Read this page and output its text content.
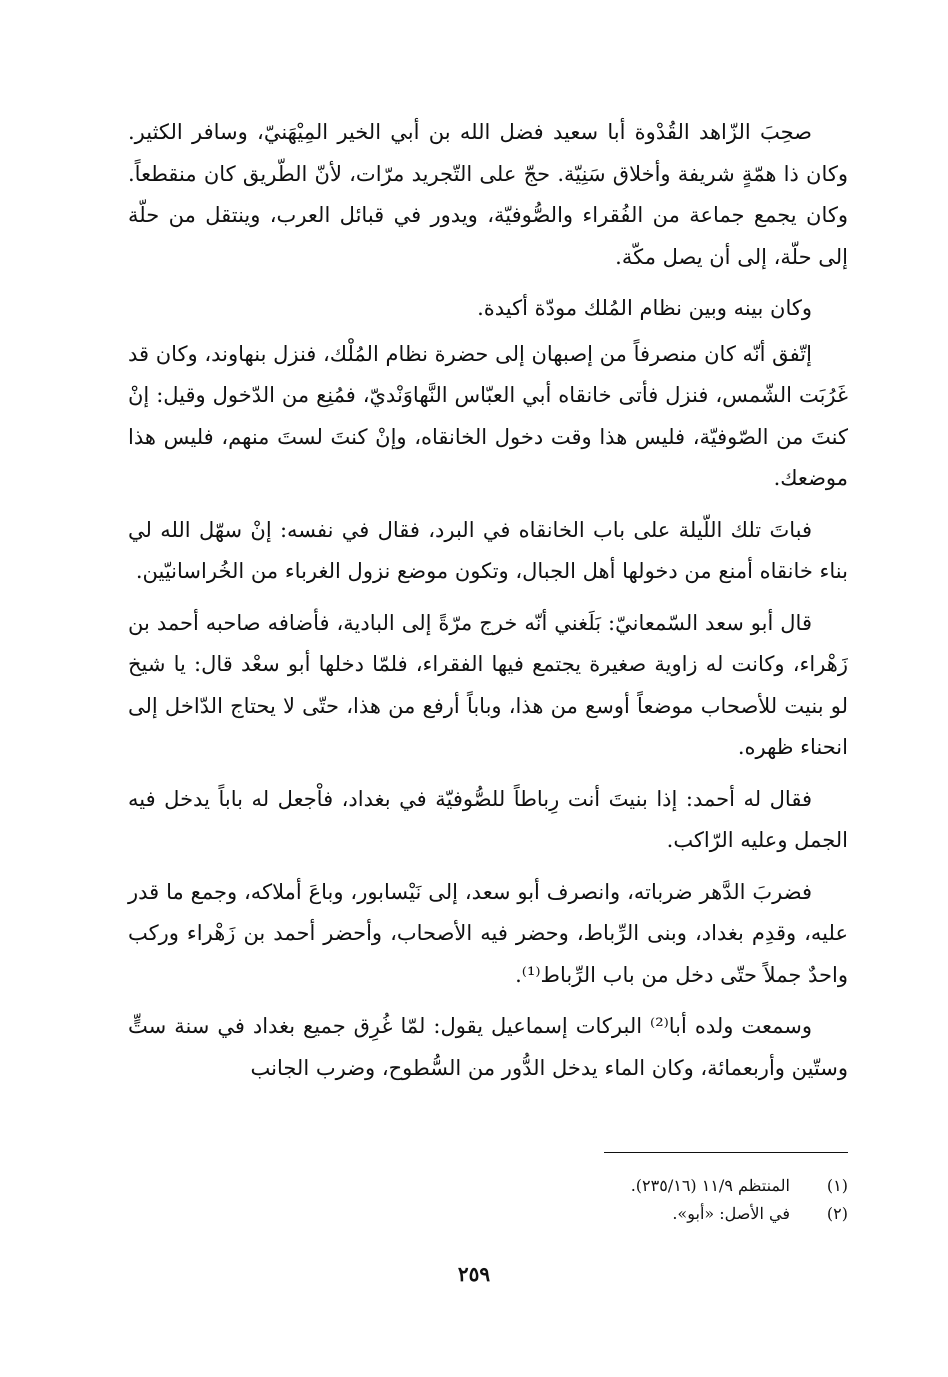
صحِبَ الزّاهد القُدْوة أبا سعيد فضل الله بن أبي الخير المِيْهَنيّ، وسافر الكثير. وكان ذا همّةٍ شريفة وأخلاق سَنِيّة. حجّ على التّجريد مرّات، لأنّ الطّريق كان منقطعاً. وكان يجمع جماعة من الفُقراء والصُّوفيّة، ويدور في قبائل العرب، وينتقل من حلّة إلى حلّة، إلى أن يصل مكّة.

وكان بينه وبين نظام المُلك مودّة أكيدة.

إتّفق أنّه كان منصرفاً من إصبهان إلى حضرة نظام المُلْك، فنزل بنهاوند، وكان قد غَرُبَت الشّمس، فنزل فأتى خانقاه أبي العبّاس النَّهاوَنْديّ، فمُنِع من الدّخول وقيل: إنْ كنتَ من الصّوفيّة، فليس هذا وقت دخول الخانقاه، وإنْ كنتَ لستَ منهم، فليس هذا موضعك.

فباتَ تلك اللّيلة على باب الخانقاه في البرد، فقال في نفسه: إنْ سهّل الله لي بناء خانقاه أمنع من دخولها أهل الجبال، وتكون موضع نزول الغرباء من الخُراسانيّين.

قال أبو سعد السّمعانيّ: بَلَغني أنّه خرج مرّةً إلى البادية، فأضافه صاحبه أحمد بن زَهْراء، وكانت له زاوية صغيرة يجتمع فيها الفقراء، فلمّا دخلها أبو سعْد قال: يا شيخ لو بنيت للأصحاب موضعاً أوسع من هذا، وباباً أرفع من هذا، حتّى لا يحتاج الدّاخل إلى انحناء ظهره.

فقال له أحمد: إذا بنيتَ أنت رِباطاً للصُّوفيّة في بغداد، فاْجعل له باباً يدخل فيه الجمل وعليه الرّاكب.

فضربَ الدَّهر ضرباته، وانصرف أبو سعد، إلى نَيْسابور، وباعَ أملاكه، وجمع ما قدر عليه، وقدِم بغداد، وبنى الرِّباط، وحضر فيه الأصحاب، وأحضر أحمد بن زَهْراء وركب واحدٌ جملاً حتّى دخل من باب الرِّباط⁽¹⁾.

وسمعت ولده أبا⁽²⁾ البركات إسماعيل يقول: لمّا غُرِق جميع بغداد في سنة ستٍّ وستّين وأربعمائة، وكان الماء يدخل الدُّور من السُّطوح، وضرب الجانب

(١)المنتظم ١١/٩ (٢٣٥/١٦).
(٢)في الأصل: «أبو».
٢٥٩
